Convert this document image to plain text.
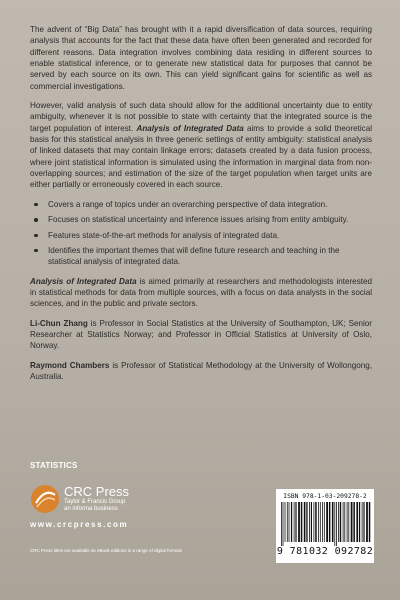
The advent of “Big Data” has brought with it a rapid diversification of data sources, requiring analysis that accounts for the fact that these data have often been generated and recorded for different reasons. Data integration involves combining data residing in different sources to enable statistical inference, or to generate new statistical data for purposes that cannot be served by each source on its own. This can yield significant gains for scientific as well as commercial investigations.

However, valid analysis of such data should allow for the additional uncertainty due to entity ambiguity, whenever it is not possible to state with certainty that the integrated source is the target population of interest. Analysis of Integrated Data aims to provide a solid theoretical basis for this statistical analysis in three generic settings of entity ambiguity: statistical analysis of linked datasets that may contain linkage errors; datasets created by a data fusion process, where joint statistical information is simulated using the information in marginal data from non-overlapping sources; and estimation of the size of the target population when target units are either partially or erroneously covered in each source.

Covers a range of topics under an overarching perspective of data integration.
Focuses on statistical uncertainty and inference issues arising from entity ambiguity.
Features state-of-the-art methods for analysis of integrated data.
Identifies the important themes that will define future research and teaching in the statistical analysis of integrated data.

Analysis of Integrated Data is aimed primarily at researchers and methodologists interested in statistical methods for data from multiple sources, with a focus on data analysts in the social sciences, and in the public and private sectors.

Li-Chun Zhang is Professor in Social Statistics at the University of Southampton, UK; Senior Researcher at Statistics Norway; and Professor in Official Statistics at University of Oslo, Norway.

Raymond Chambers is Professor of Statistical Methodology at the University of Wollongong, Australia.

STATISTICS
CRC Press
Taylor & Francis Group
an informa business
www.crcpress.com
CRC Press titles are available as eBook editions in a range of digital formats
ISBN 978-1-03-209278-2
9 781032 092782
